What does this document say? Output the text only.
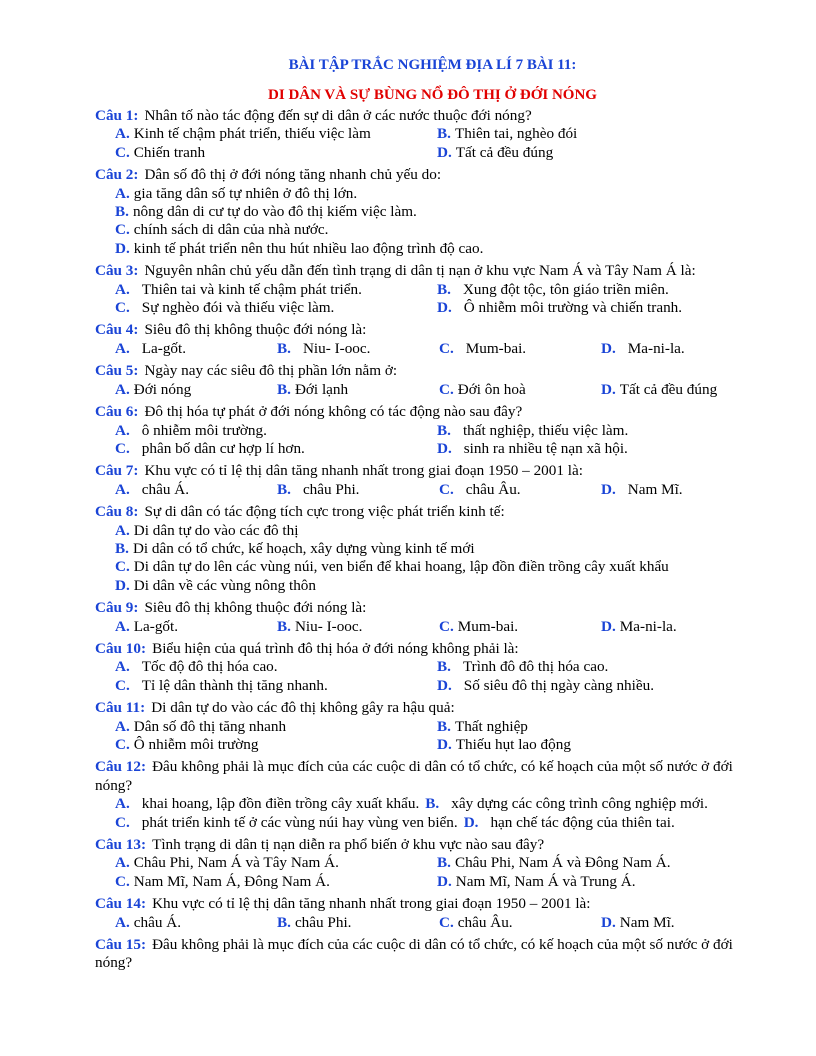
BÀI TẬP TRẮC NGHIỆM ĐỊA LÍ 7 BÀI 11:
DI DÂN VÀ SỰ BÙNG NỔ ĐÔ THỊ Ở ĐỚI NÓNG
Câu 1: Nhân tố nào tác động đến sự di dân ở các nước thuộc đới nóng?
A. Kinh tế chậm phát triển, thiếu việc làm	B. Thiên tai, nghèo đói
C. Chiến tranh	D. Tất cả đều đúng
Câu 2: Dân số đô thị ở đới nóng tăng nhanh chủ yếu do:
A. gia tăng dân số tự nhiên ở đô thị lớn.
B. nông dân di cư tự do vào đô thị kiếm việc làm.
C. chính sách di dân của nhà nước.
D. kinh tế phát triển nên thu hút nhiều lao động trình độ cao.
Câu 3: Nguyên nhân chủ yếu dẫn đến tình trạng di dân tị nạn ở khu vực Nam Á và Tây Nam Á là:
A. Thiên tai và kinh tế chậm phát triển.	B. Xung đột tộc, tôn giáo triền miên.
C. Sự nghèo đói và thiếu việc làm.	D. Ô nhiễm môi trường và chiến tranh.
Câu 4: Siêu đô thị không thuộc đới nóng là:
A. La-gốt.	B. Niu- I-ooc.	C. Mum-bai.	D. Ma-ni-la.
Câu 5: Ngày nay các siêu đô thị phần lớn nằm ở:
A. Đới nóng	B. Đới lạnh	C. Đới ôn hoà	D. Tất cả đều đúng
Câu 6: Đô thị hóa tự phát ở đới nóng không có tác động nào sau đây?
A. ô nhiễm môi trường.	B. thất nghiệp, thiếu việc làm.
C. phân bố dân cư hợp lí hơn.	D. sinh ra nhiều tệ nạn xã hội.
Câu 7: Khu vực có tỉ lệ thị dân tăng nhanh nhất trong giai đoạn 1950 – 2001 là:
A. châu Á.	B. châu Phi.	C. châu Âu.	D. Nam Mĩ.
Câu 8: Sự di dân có tác động tích cực trong việc phát triển kinh tế:
A. Di dân tự do vào các đô thị
B. Di dân có tổ chức, kế hoạch, xây dựng vùng kinh tế mới
C. Di dân tự do lên các vùng núi, ven biển để khai hoang, lập đồn điền trồng cây xuất khẩu
D. Di dân về các vùng nông thôn
Câu 9: Siêu đô thị không thuộc đới nóng là:
A. La-gốt.	B. Niu- I-ooc.	C. Mum-bai.	D. Ma-ni-la.
Câu 10: Biểu hiện của quá trình đô thị hóa ở đới nóng không phải là:
A. Tốc độ đô thị hóa cao.	B. Trình đô đô thị hóa cao.
C. Tỉ lệ dân thành thị tăng nhanh.	D. Số siêu đô thị ngày càng nhiều.
Câu 11: Di dân tự do vào các đô thị không gây ra hậu quả:
A. Dân số đô thị tăng nhanh	B. Thất nghiệp
C. Ô nhiễm môi trường	D. Thiếu hụt lao động
Câu 12: Đâu không phải là mục đích của các cuộc di dân có tổ chức, có kế hoạch của một số nước ở đới nóng?
A. khai hoang, lập đồn điền trồng cây xuất khẩu. B. xây dựng các công trình công nghiệp mới.
C. phát triển kinh tế ở các vùng núi hay vùng ven biển. D. hạn chế tác động của thiên tai.
Câu 13: Tình trạng di dân tị nạn diễn ra phổ biến ở khu vực nào sau đây?
A. Châu Phi, Nam Á và Tây Nam Á.	B. Châu Phi, Nam Á và Đông Nam Á.
C. Nam Mĩ, Nam Á, Đông Nam Á.	D. Nam Mĩ, Nam Á và Trung Á.
Câu 14: Khu vực có tỉ lệ thị dân tăng nhanh nhất trong giai đoạn 1950 – 2001 là:
A. châu Á.	B. châu Phi.	C. châu Âu.	D. Nam Mĩ.
Câu 15: Đâu không phải là mục đích của các cuộc di dân có tổ chức, có kế hoạch của một số nước ở đới nóng?
